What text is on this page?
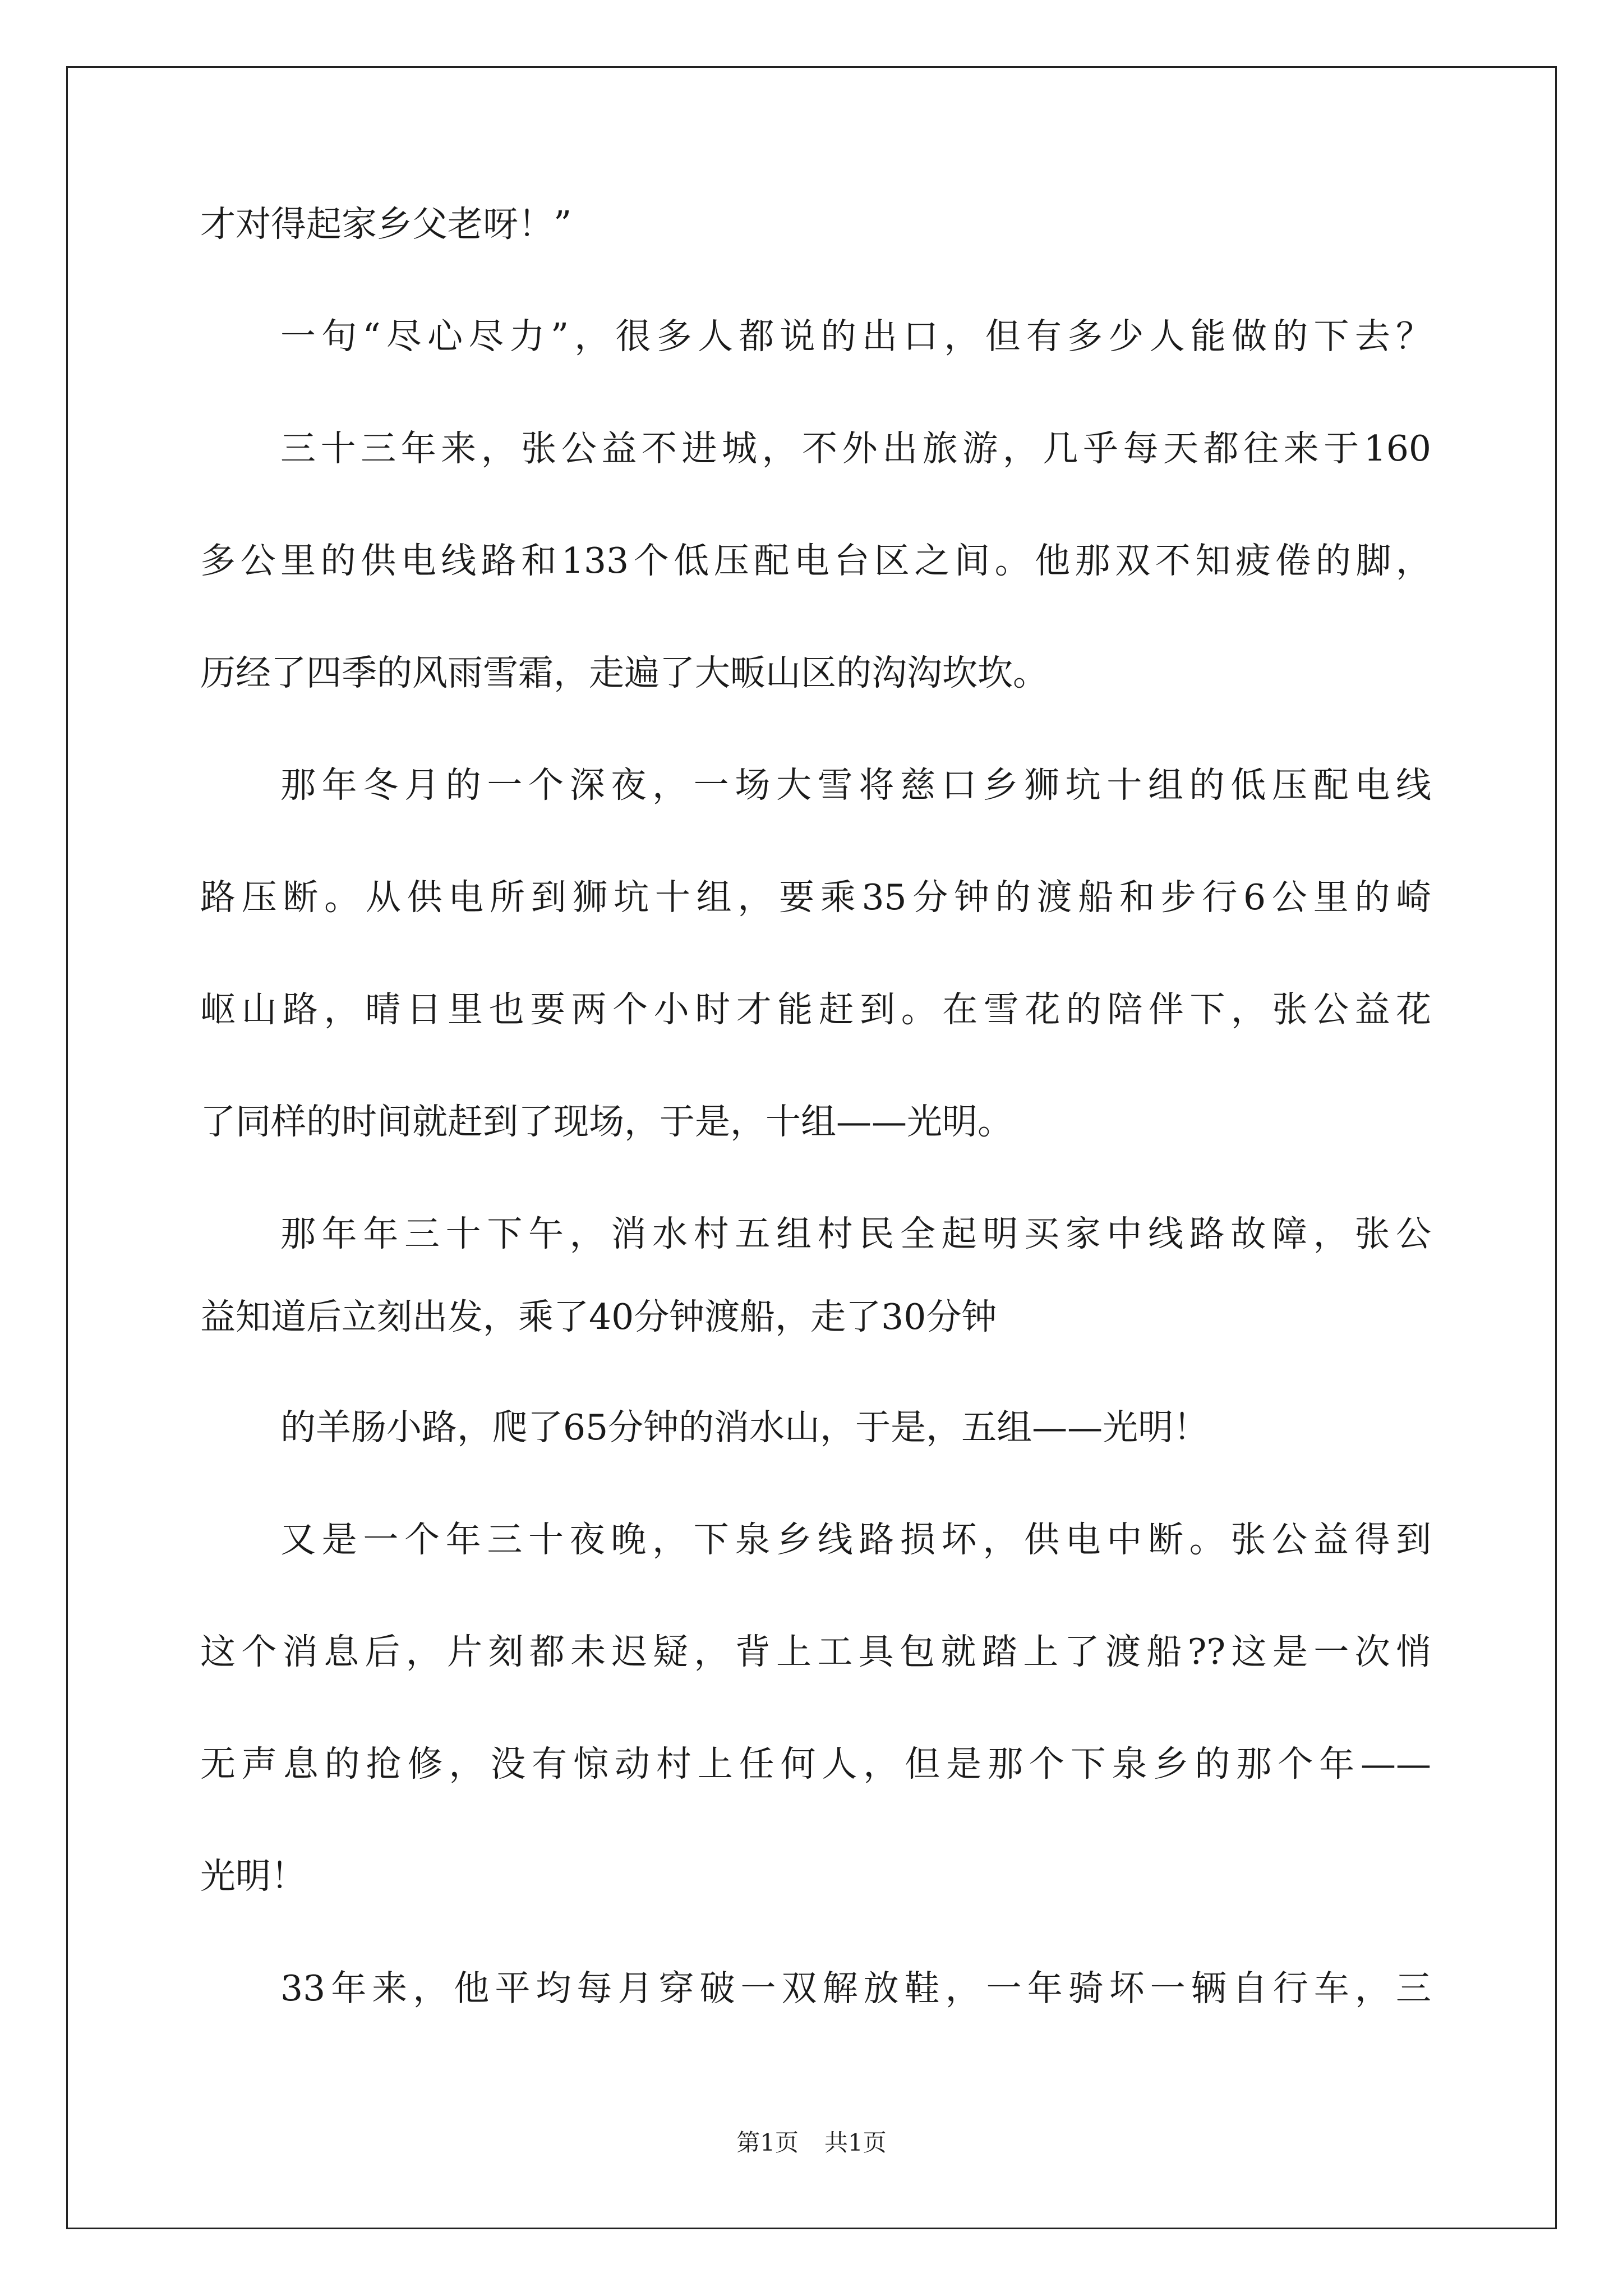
才对得起家乡父老呀！”
一句“尽心尽力”，很多人都说的出口，但有多少人能做的下去？
三十三年来，张公益不进城，不外出旅游，几乎每天都往来于160
多公里的供电线路和133个低压配电台区之间。他那双不知疲倦的脚，
历经了四季的风雨雪霜，走遍了大畈山区的沟沟坎坎。
那年冬月的一个深夜，一场大雪将慈口乡狮坑十组的低压配电线
路压断。从供电所到狮坑十组，要乘35分钟的渡船和步行6公里的崎
岖山路，晴日里也要两个小时才能赶到。在雪花的陪伴下，张公益花
了同样的时间就赶到了现场，于是，十组——光明。
那年年三十下午，消水村五组村民全起明买家中线路故障，张公
益知道后立刻出发，乘了40分钟渡船，走了30分钟
的羊肠小路，爬了65分钟的消水山，于是，五组——光明！
又是一个年三十夜晚，下泉乡线路损坏，供电中断。张公益得到
这个消息后，片刻都未迟疑，背上工具包就踏上了渡船??这是一次悄
无声息的抢修，没有惊动村上任何人，但是那个下泉乡的那个年——
光明！
33年来，他平均每月穿破一双解放鞋，一年骑坏一辆自行车，三
第1页 共1页
